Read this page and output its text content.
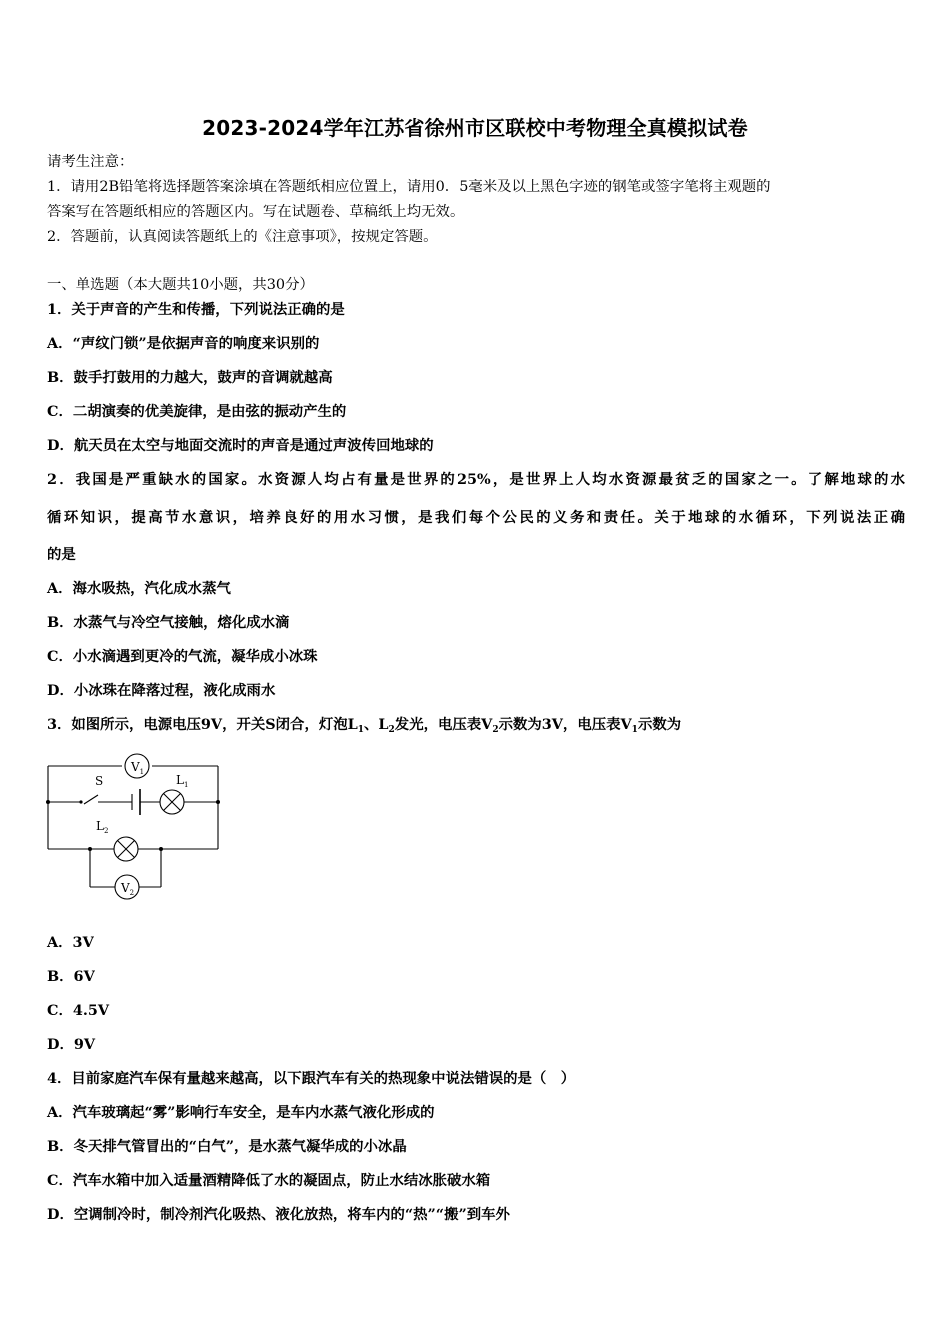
2023-2024学年江苏省徐州市区联校中考物理全真模拟试卷
请考生注意：
1．请用2B铅笔将选择题答案涂填在答题纸相应位置上，请用0．5毫米及以上黑色字迹的钢笔或签字笔将主观题的
答案写在答题纸相应的答题区内。写在试题卷、草稿纸上均无效。
2．答题前，认真阅读答题纸上的《注意事项》，按规定答题。
一、单选题（本大题共10小题，共30分）
1．关于声音的产生和传播，下列说法正确的是
A．“声纹门锁”是依据声音的响度来识别的
B．鼓手打鼓用的力越大，鼓声的音调就越高
C．二胡演奏的优美旋律，是由弦的振动产生的
D．航天员在太空与地面交流时的声音是通过声波传回地球的
2．我国是严重缺水的国家。水资源人均占有量是世界的25%，是世界上人均水资源最贫乏的国家之一。了解地球的水
循环知识，提高节水意识，培养良好的用水习惯，是我们每个公民的义务和责任。关于地球的水循环，下列说法正确
的是
A．海水吸热，汽化成水蒸气
B．水蒸气与冷空气接触，熔化成水滴
C．小水滴遇到更冷的气流，凝华成小冰珠
D．小冰珠在降落过程，液化成雨水
3．如图所示，电源电压9V，开关S闭合，灯泡$L_1$、$L_2$发光，电压表$V_2$示数为3V，电压表$V_1$示数为
$V_1$
$L_1$
S
$L_2$
$V_2$
A．3V
B．6V
C．4.5V
D．9V
4．目前家庭汽车保有量越来越高，以下跟汽车有关的热现象中说法错误的是（　）
A．汽车玻璃起“雾”影响行车安全，是车内水蒸气液化形成的
B．冬天排气管冒出的“白气”，是水蒸气凝华成的小冰晶
C．汽车水箱中加入适量酒精降低了水的凝固点，防止水结冰胀破水箱
D．空调制冷时，制冷剂汽化吸热、液化放热，将车内的“热”“搬”到车外
